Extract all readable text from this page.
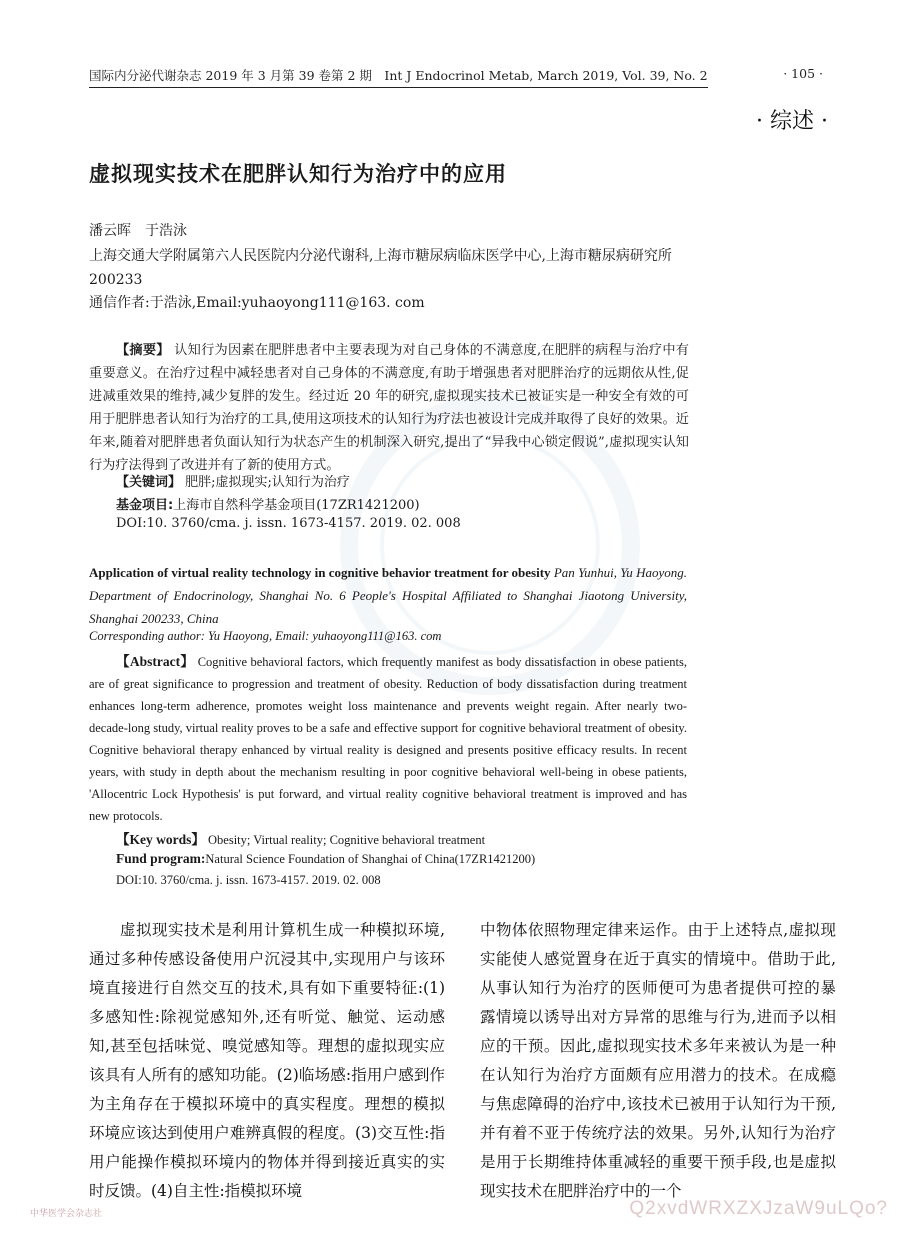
国际内分泌代谢杂志 2019 年 3 月第 39 卷第 2 期　Int J Endocrinol Metab, March 2019, Vol. 39, No. 2	· 105 ·
· 综述 ·
虚拟现实技术在肥胖认知行为治疗中的应用
潘云晖　于浩泳
上海交通大学附属第六人民医院内分泌代谢科,上海市糖尿病临床医学中心,上海市糖尿病研究所　200233
通信作者:于浩泳,Email:yuhaoyong111@163. com
【摘要】 认知行为因素在肥胖患者中主要表现为对自己身体的不满意度,在肥胖的病程与治疗中有重要意义。在治疗过程中减轻患者对自己身体的不满意度,有助于增强患者对肥胖治疗的远期依从性,促进减重效果的维持,减少复胖的发生。经过近 20 年的研究,虚拟现实技术已被证实是一种安全有效的可用于肥胖患者认知行为治疗的工具,使用这项技术的认知行为疗法也被设计完成并取得了良好的效果。近年来,随着对肥胖患者负面认知行为状态产生的机制深入研究,提出了“异我中心锁定假说”,虚拟现实认知行为疗法得到了改进并有了新的使用方式。
【关键词】 肥胖;虚拟现实;认知行为治疗
基金项目:上海市自然科学基金项目(17ZR1421200)
DOI:10. 3760/cma. j. issn. 1673-4157. 2019. 02. 008
Application of virtual reality technology in cognitive behavior treatment for obesity Pan Yunhui, Yu Haoyong. Department of Endocrinology, Shanghai No. 6 People's Hospital Affiliated to Shanghai Jiaotong University, Shanghai 200233, China
Corresponding author: Yu Haoyong, Email: yuhaoyong111@163. com
【Abstract】 Cognitive behavioral factors, which frequently manifest as body dissatisfaction in obese patients, are of great significance to progression and treatment of obesity. Reduction of body dissatisfaction during treatment enhances long-term adherence, promotes weight loss maintenance and prevents weight regain. After nearly two-decade-long study, virtual reality proves to be a safe and effective support for cognitive behavioral treatment of obesity. Cognitive behavioral therapy enhanced by virtual reality is designed and presents positive efficacy results. In recent years, with study in depth about the mechanism resulting in poor cognitive behavioral well-being in obese patients, 'Allocentric Lock Hypothesis' is put forward, and virtual reality cognitive behavioral treatment is improved and has new protocols.
【Key words】 Obesity; Virtual reality; Cognitive behavioral treatment
Fund program:Natural Science Foundation of Shanghai of China(17ZR1421200)
DOI:10. 3760/cma. j. issn. 1673-4157. 2019. 02. 008
虚拟现实技术是利用计算机生成一种模拟环境,通过多种传感设备使用户沉浸其中,实现用户与该环境直接进行自然交互的技术,具有如下重要特征:(1)多感知性:除视觉感知外,还有听觉、触觉、运动感知,甚至包括味觉、嗅觉感知等。理想的虚拟现实应该具有人所有的感知功能。(2)临场感:指用户感到作为主角存在于模拟环境中的真实程度。理想的模拟环境应该达到使用户难辨真假的程度。(3)交互性:指用户能操作模拟环境内的物体并得到接近真实的实时反馈。(4)自主性:指模拟环境
中物体依照物理定律来运作。由于上述特点,虚拟现实能使人感觉置身在近于真实的情境中。借助于此,从事认知行为治疗的医师便可为患者提供可控的暴露情境以诱导出对方异常的思维与行为,进而予以相应的干预。因此,虚拟现实技术多年来被认为是一种在认知行为治疗方面颇有应用潜力的技术。在成瘾与焦虑障碍的治疗中,该技术已被用于认知行为干预,并有着不亚于传统疗法的效果。另外,认知行为治疗是用于长期维持体重减轻的重要干预手段,也是虚拟现实技术在肥胖治疗中的一个
中华医学会杂志社	Q2xvdWRXZXJzaW9uLQo?
